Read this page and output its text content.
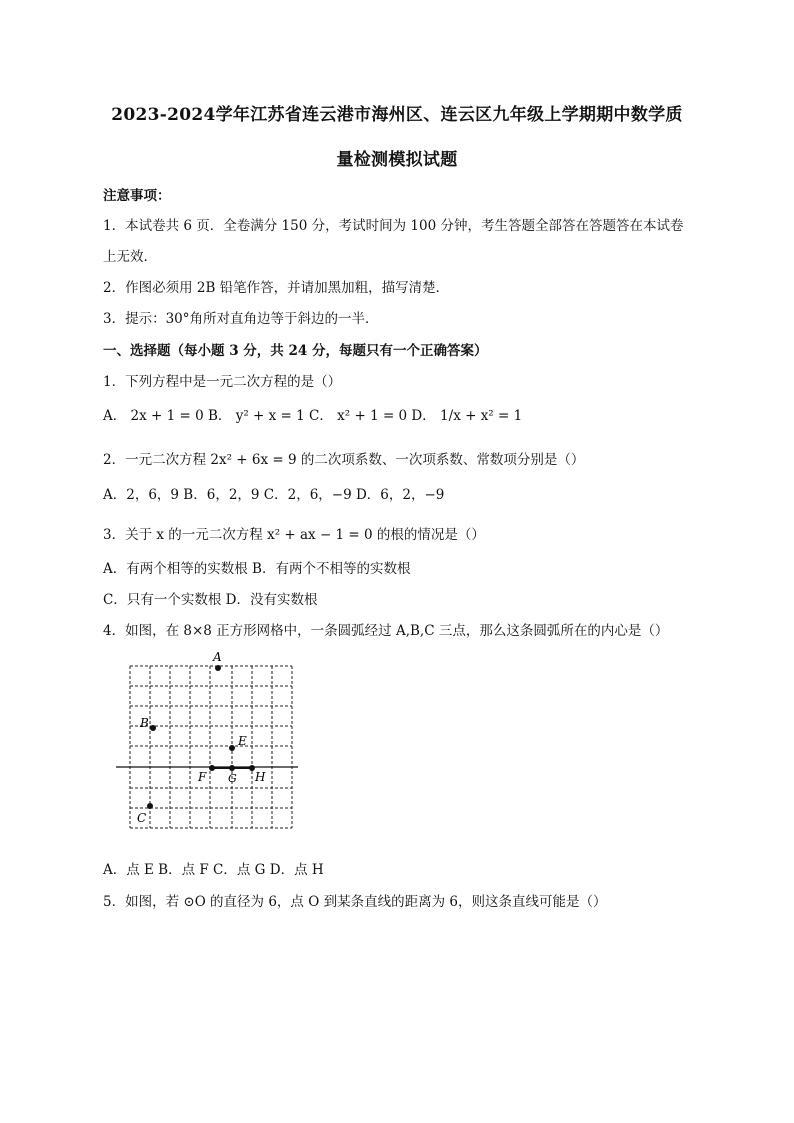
2023-2024学年江苏省连云港市海州区、连云区九年级上学期期中数学质
量检测模拟试题
注意事项：
1．本试卷共 6 页．全卷满分 150 分，考试时间为 100 分钟，考生答题全部答在答题答在本试卷
上无效．
2．作图必须用 2B 铅笔作答，并请加黑加粗，描写清楚．
3．提示：30°角所对直角边等于斜边的一半．
一、选择题（每小题 3 分，共 24 分，每题只有一个正确答案）
1．下列方程中是一元二次方程的是（）
A． 2x + 1 = 0 B． y² + x = 1 C． x² + 1 = 0 D． 1/x + x² = 1
2．一元二次方程 2x² + 6x = 9 的二次项系数、一次项系数、常数项分别是（）
A．2，6，9 B．6，2，9 C．2，6，−9 D．6，2，−9
3．关于 x 的一元二次方程 x² + ax − 1 = 0 的根的情况是（）
A．有两个相等的实数根 B．有两个不相等的实数根
C．只有一个实数根 D．没有实数根
4．如图，在 8×8 正方形网格中，一条圆弧经过 A,B,C 三点，那么这条圆弧所在的内心是（）
A
B
E
F G H
C
A．点 E B．点 F C．点 G D．点 H
5．如图，若 ⊙O 的直径为 6，点 O 到某条直线的距离为 6，则这条直线可能是（）
